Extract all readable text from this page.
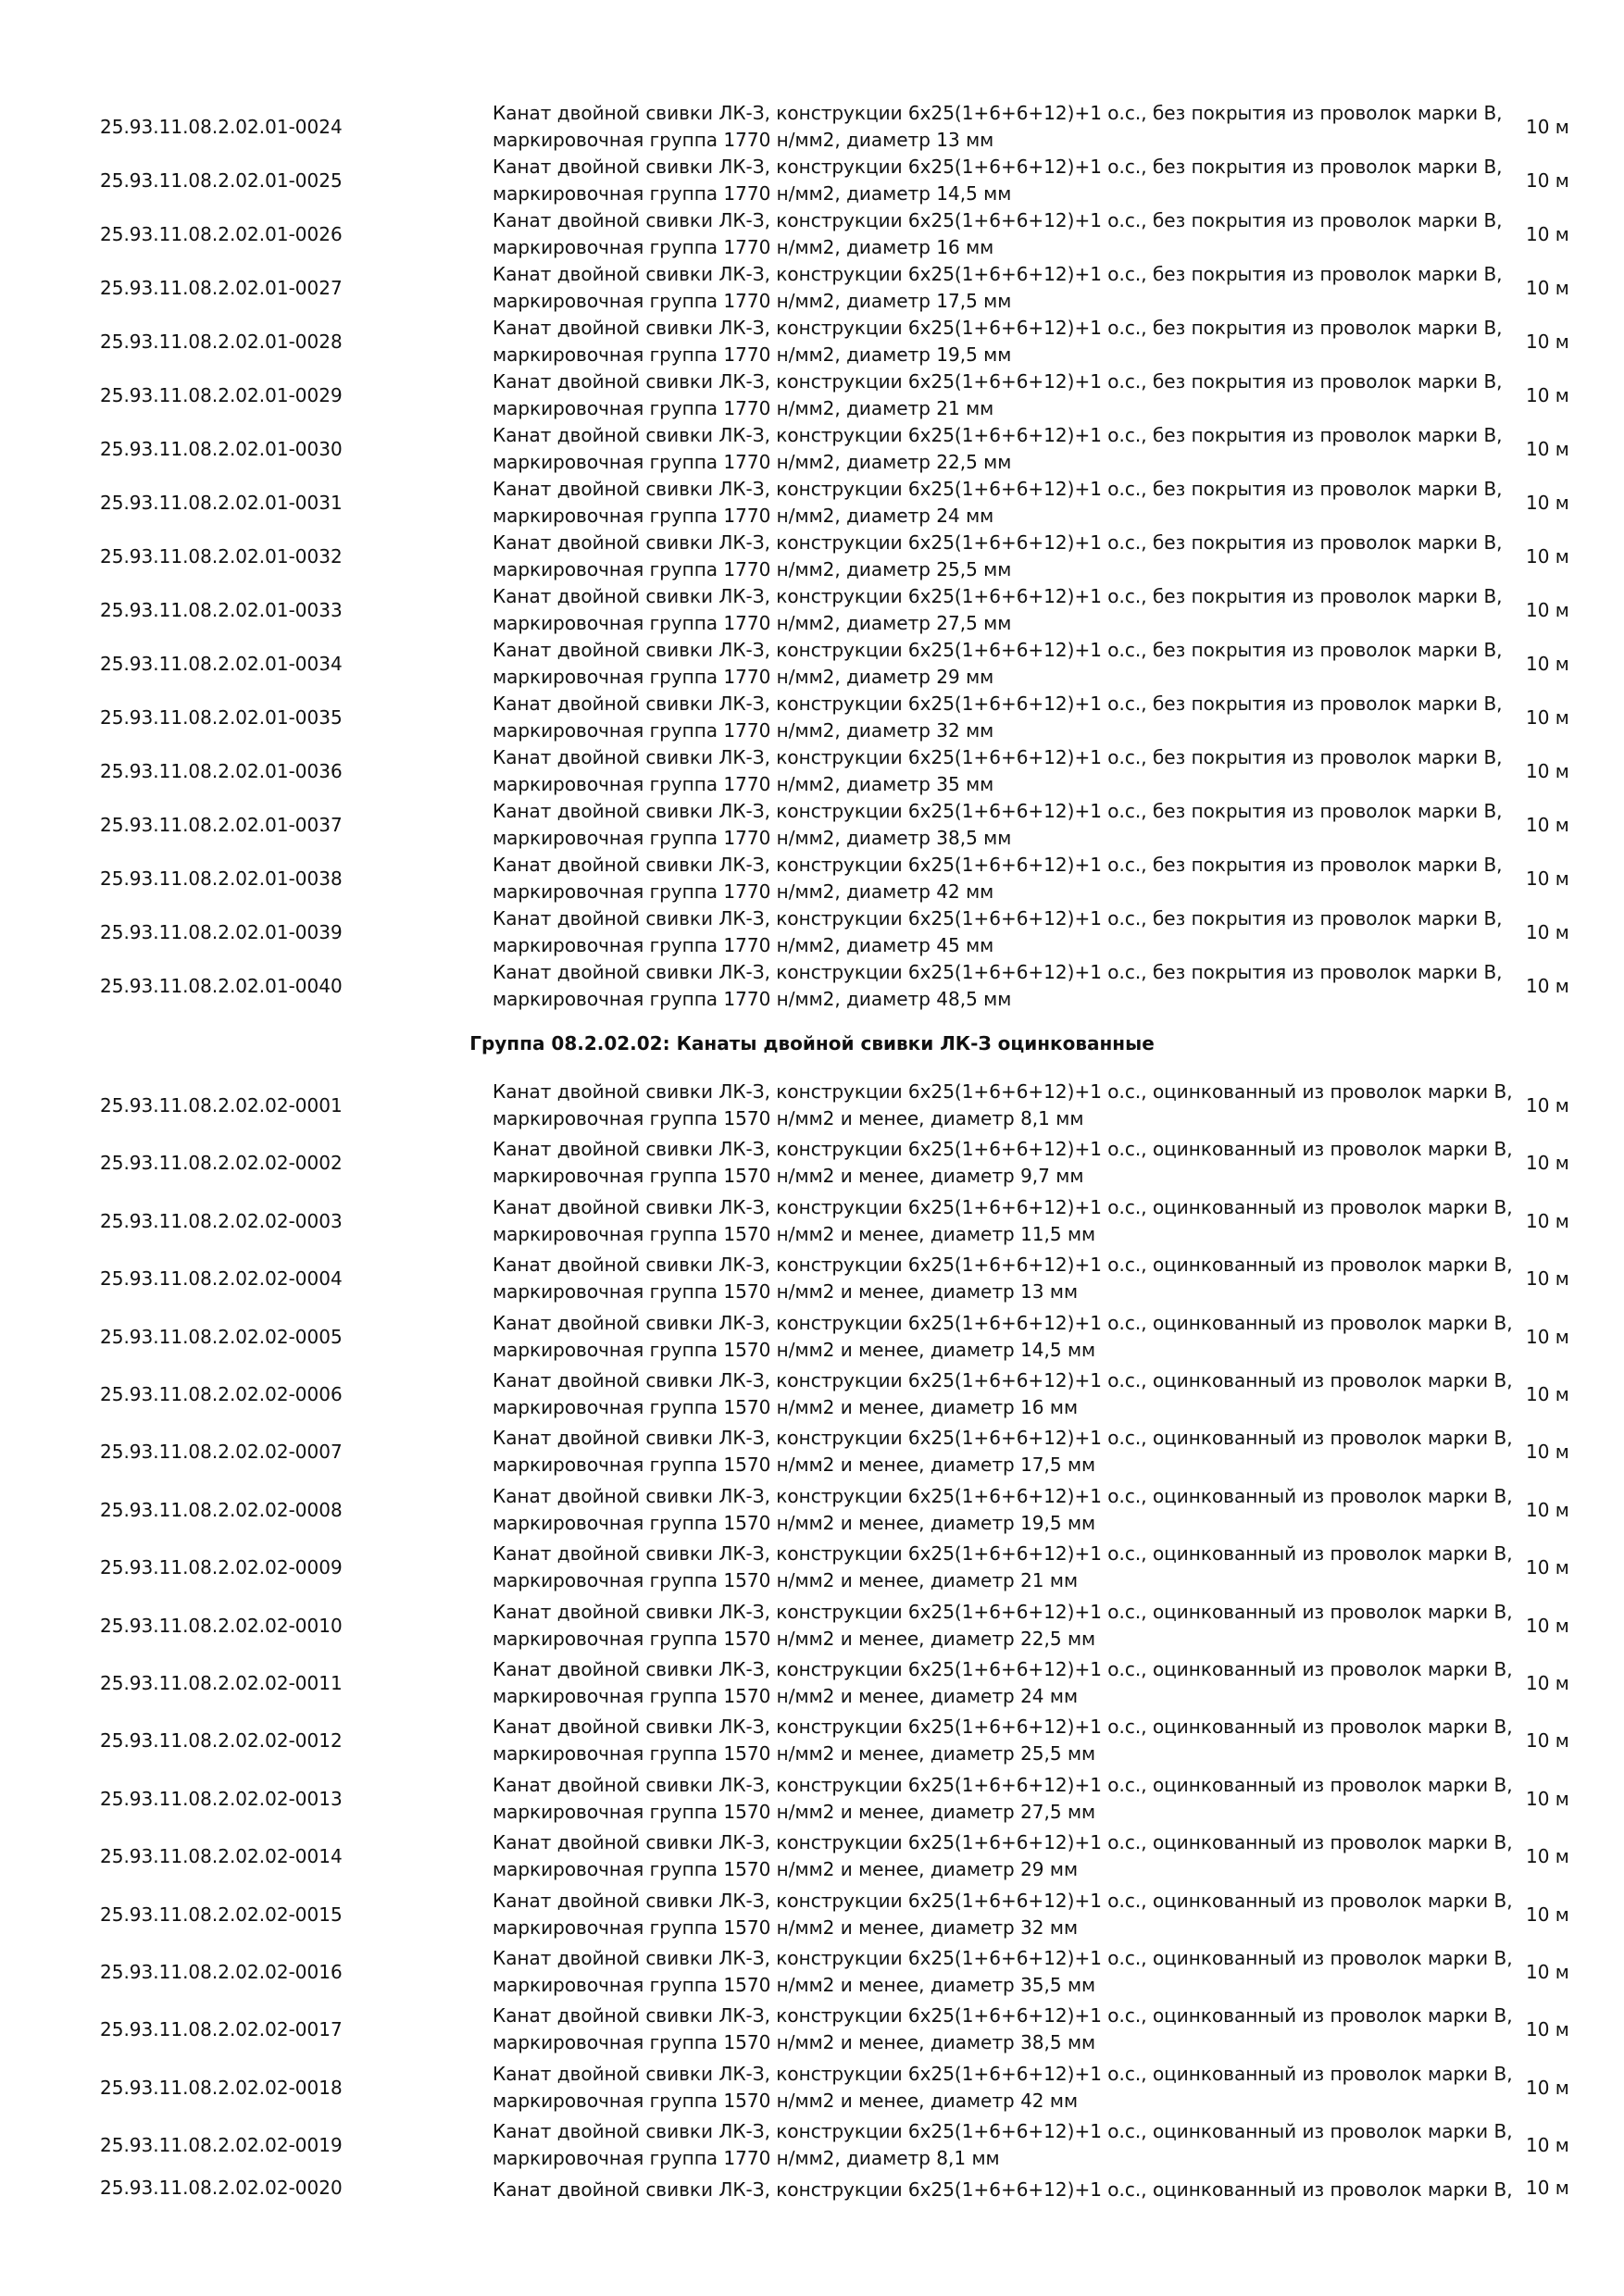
25.93.11.08.2.02.01-0024
Канат двойной свивки ЛК-З, конструкции 6х25(1+6+6+12)+1 о.с., без покрытия из проволок марки В,
маркировочная группа 1770 н/мм2, диаметр 13 мм
10 м
25.93.11.08.2.02.01-0025
Канат двойной свивки ЛК-З, конструкции 6х25(1+6+6+12)+1 о.с., без покрытия из проволок марки В,
маркировочная группа 1770 н/мм2, диаметр 14,5 мм
10 м
25.93.11.08.2.02.01-0026
Канат двойной свивки ЛК-З, конструкции 6х25(1+6+6+12)+1 о.с., без покрытия из проволок марки В,
маркировочная группа 1770 н/мм2, диаметр 16 мм
10 м
25.93.11.08.2.02.01-0027
Канат двойной свивки ЛК-З, конструкции 6х25(1+6+6+12)+1 о.с., без покрытия из проволок марки В,
маркировочная группа 1770 н/мм2, диаметр 17,5 мм
10 м
25.93.11.08.2.02.01-0028
Канат двойной свивки ЛК-З, конструкции 6х25(1+6+6+12)+1 о.с., без покрытия из проволок марки В,
маркировочная группа 1770 н/мм2, диаметр 19,5 мм
10 м
25.93.11.08.2.02.01-0029
Канат двойной свивки ЛК-З, конструкции 6х25(1+6+6+12)+1 о.с., без покрытия из проволок марки В,
маркировочная группа 1770 н/мм2, диаметр 21 мм
10 м
25.93.11.08.2.02.01-0030
Канат двойной свивки ЛК-З, конструкции 6х25(1+6+6+12)+1 о.с., без покрытия из проволок марки В,
маркировочная группа 1770 н/мм2, диаметр 22,5 мм
10 м
25.93.11.08.2.02.01-0031
Канат двойной свивки ЛК-З, конструкции 6х25(1+6+6+12)+1 о.с., без покрытия из проволок марки В,
маркировочная группа 1770 н/мм2, диаметр 24 мм
10 м
25.93.11.08.2.02.01-0032
Канат двойной свивки ЛК-З, конструкции 6х25(1+6+6+12)+1 о.с., без покрытия из проволок марки В,
маркировочная группа 1770 н/мм2, диаметр 25,5 мм
10 м
25.93.11.08.2.02.01-0033
Канат двойной свивки ЛК-З, конструкции 6х25(1+6+6+12)+1 о.с., без покрытия из проволок марки В,
маркировочная группа 1770 н/мм2, диаметр 27,5 мм
10 м
25.93.11.08.2.02.01-0034
Канат двойной свивки ЛК-З, конструкции 6х25(1+6+6+12)+1 о.с., без покрытия из проволок марки В,
маркировочная группа 1770 н/мм2, диаметр 29 мм
10 м
25.93.11.08.2.02.01-0035
Канат двойной свивки ЛК-З, конструкции 6х25(1+6+6+12)+1 о.с., без покрытия из проволок марки В,
маркировочная группа 1770 н/мм2, диаметр 32 мм
10 м
25.93.11.08.2.02.01-0036
Канат двойной свивки ЛК-З, конструкции 6х25(1+6+6+12)+1 о.с., без покрытия из проволок марки В,
маркировочная группа 1770 н/мм2, диаметр 35 мм
10 м
25.93.11.08.2.02.01-0037
Канат двойной свивки ЛК-З, конструкции 6х25(1+6+6+12)+1 о.с., без покрытия из проволок марки В,
маркировочная группа 1770 н/мм2, диаметр 38,5 мм
10 м
25.93.11.08.2.02.01-0038
Канат двойной свивки ЛК-З, конструкции 6х25(1+6+6+12)+1 о.с., без покрытия из проволок марки В,
маркировочная группа 1770 н/мм2, диаметр 42 мм
10 м
25.93.11.08.2.02.01-0039
Канат двойной свивки ЛК-З, конструкции 6х25(1+6+6+12)+1 о.с., без покрытия из проволок марки В,
маркировочная группа 1770 н/мм2, диаметр 45 мм
10 м
25.93.11.08.2.02.01-0040
Канат двойной свивки ЛК-З, конструкции 6х25(1+6+6+12)+1 о.с., без покрытия из проволок марки В,
маркировочная группа 1770 н/мм2, диаметр 48,5 мм
10 м
Группа 08.2.02.02: Канаты двойной свивки ЛК-З оцинкованные
25.93.11.08.2.02.02-0001
Канат двойной свивки ЛК-З, конструкции 6х25(1+6+6+12)+1 о.с., оцинкованный из проволок марки В,
маркировочная группа 1570 н/мм2 и менее, диаметр 8,1 мм
10 м
25.93.11.08.2.02.02-0002
Канат двойной свивки ЛК-З, конструкции 6х25(1+6+6+12)+1 о.с., оцинкованный из проволок марки В,
маркировочная группа 1570 н/мм2 и менее, диаметр 9,7 мм
10 м
25.93.11.08.2.02.02-0003
Канат двойной свивки ЛК-З, конструкции 6х25(1+6+6+12)+1 о.с., оцинкованный из проволок марки В,
маркировочная группа 1570 н/мм2 и менее, диаметр 11,5 мм
10 м
25.93.11.08.2.02.02-0004
Канат двойной свивки ЛК-З, конструкции 6х25(1+6+6+12)+1 о.с., оцинкованный из проволок марки В,
маркировочная группа 1570 н/мм2 и менее, диаметр 13 мм
10 м
25.93.11.08.2.02.02-0005
Канат двойной свивки ЛК-З, конструкции 6х25(1+6+6+12)+1 о.с., оцинкованный из проволок марки В,
маркировочная группа 1570 н/мм2 и менее, диаметр 14,5 мм
10 м
25.93.11.08.2.02.02-0006
Канат двойной свивки ЛК-З, конструкции 6х25(1+6+6+12)+1 о.с., оцинкованный из проволок марки В,
маркировочная группа 1570 н/мм2 и менее, диаметр 16 мм
10 м
25.93.11.08.2.02.02-0007
Канат двойной свивки ЛК-З, конструкции 6х25(1+6+6+12)+1 о.с., оцинкованный из проволок марки В,
маркировочная группа 1570 н/мм2 и менее, диаметр 17,5 мм
10 м
25.93.11.08.2.02.02-0008
Канат двойной свивки ЛК-З, конструкции 6х25(1+6+6+12)+1 о.с., оцинкованный из проволок марки В,
маркировочная группа 1570 н/мм2 и менее, диаметр 19,5 мм
10 м
25.93.11.08.2.02.02-0009
Канат двойной свивки ЛК-З, конструкции 6х25(1+6+6+12)+1 о.с., оцинкованный из проволок марки В,
маркировочная группа 1570 н/мм2 и менее, диаметр 21 мм
10 м
25.93.11.08.2.02.02-0010
Канат двойной свивки ЛК-З, конструкции 6х25(1+6+6+12)+1 о.с., оцинкованный из проволок марки В,
маркировочная группа 1570 н/мм2 и менее, диаметр 22,5 мм
10 м
25.93.11.08.2.02.02-0011
Канат двойной свивки ЛК-З, конструкции 6х25(1+6+6+12)+1 о.с., оцинкованный из проволок марки В,
маркировочная группа 1570 н/мм2 и менее, диаметр 24 мм
10 м
25.93.11.08.2.02.02-0012
Канат двойной свивки ЛК-З, конструкции 6х25(1+6+6+12)+1 о.с., оцинкованный из проволок марки В,
маркировочная группа 1570 н/мм2 и менее, диаметр 25,5 мм
10 м
25.93.11.08.2.02.02-0013
Канат двойной свивки ЛК-З, конструкции 6х25(1+6+6+12)+1 о.с., оцинкованный из проволок марки В,
маркировочная группа 1570 н/мм2 и менее, диаметр 27,5 мм
10 м
25.93.11.08.2.02.02-0014
Канат двойной свивки ЛК-З, конструкции 6х25(1+6+6+12)+1 о.с., оцинкованный из проволок марки В,
маркировочная группа 1570 н/мм2 и менее, диаметр 29 мм
10 м
25.93.11.08.2.02.02-0015
Канат двойной свивки ЛК-З, конструкции 6х25(1+6+6+12)+1 о.с., оцинкованный из проволок марки В,
маркировочная группа 1570 н/мм2 и менее, диаметр 32 мм
10 м
25.93.11.08.2.02.02-0016
Канат двойной свивки ЛК-З, конструкции 6х25(1+6+6+12)+1 о.с., оцинкованный из проволок марки В,
маркировочная группа 1570 н/мм2 и менее, диаметр 35,5 мм
10 м
25.93.11.08.2.02.02-0017
Канат двойной свивки ЛК-З, конструкции 6х25(1+6+6+12)+1 о.с., оцинкованный из проволок марки В,
маркировочная группа 1570 н/мм2 и менее, диаметр 38,5 мм
10 м
25.93.11.08.2.02.02-0018
Канат двойной свивки ЛК-З, конструкции 6х25(1+6+6+12)+1 о.с., оцинкованный из проволок марки В,
маркировочная группа 1570 н/мм2 и менее, диаметр 42 мм
10 м
25.93.11.08.2.02.02-0019
Канат двойной свивки ЛК-З, конструкции 6х25(1+6+6+12)+1 о.с., оцинкованный из проволок марки В,
маркировочная группа 1770 н/мм2, диаметр 8,1 мм
10 м
25.93.11.08.2.02.02-0020	Канат двойной свивки ЛК-З, конструкции 6х25(1+6+6+12)+1 о.с., оцинкованный из проволок марки В, 10 м
